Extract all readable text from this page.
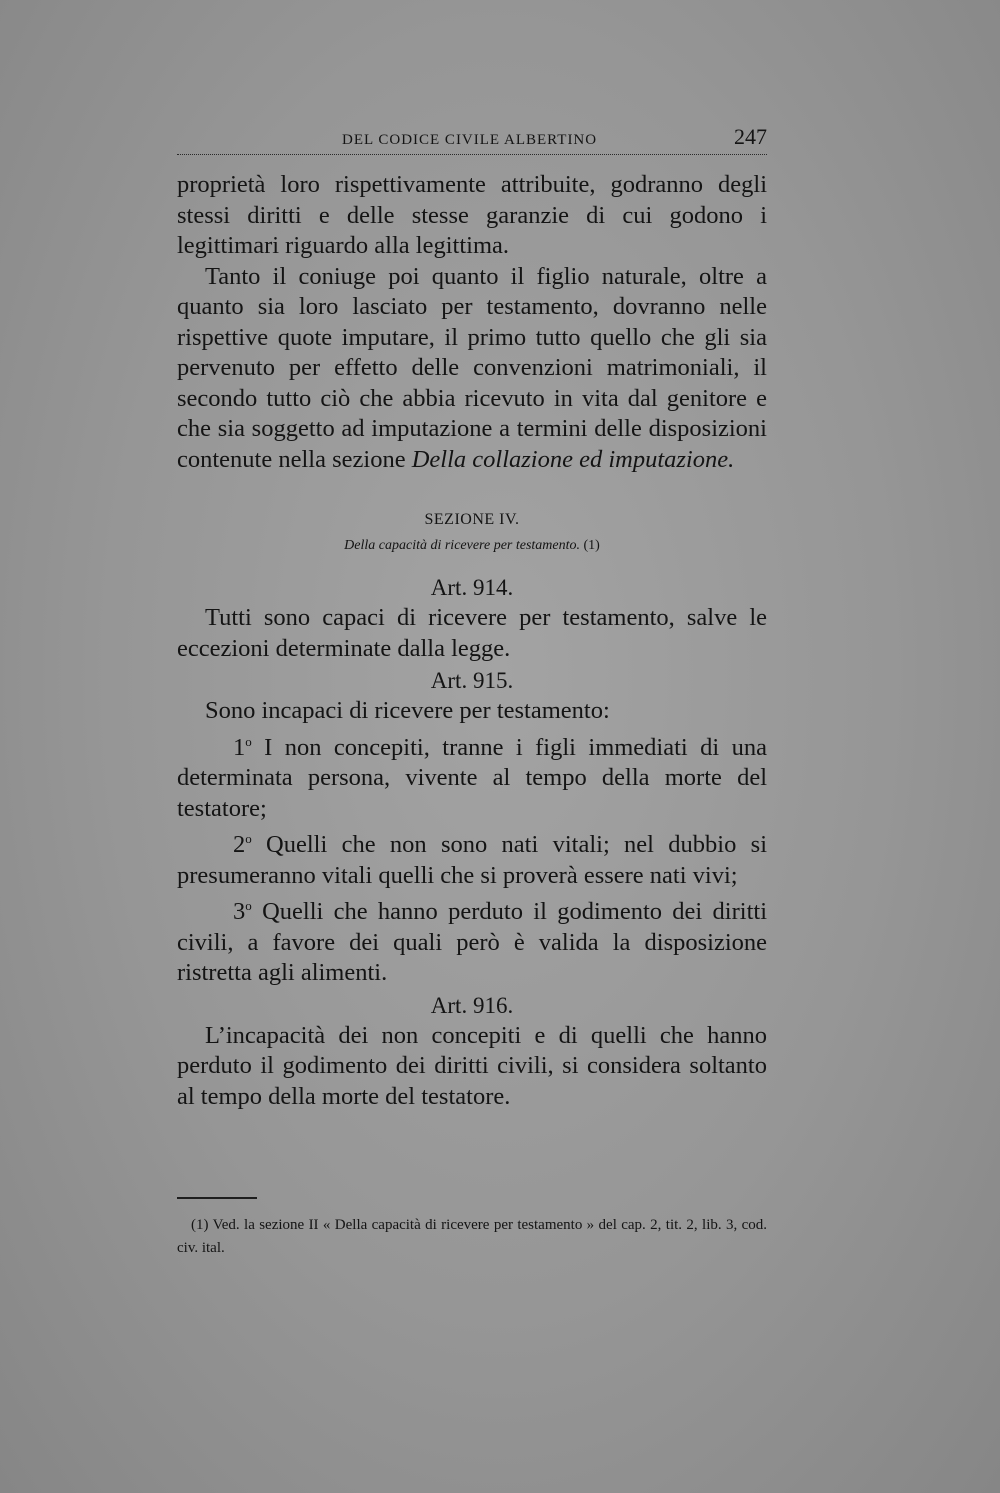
DEL CODICE CIVILE ALBERTINO	247

proprietà loro rispettivamente attribuite, godranno degli stessi diritti e delle stesse garanzie di cui godono i legittimari riguardo alla legittima.

Tanto il coniuge poi quanto il figlio naturale, oltre a quanto sia loro lasciato per testamento, dovranno nelle rispettive quote imputare, il primo tutto quello che gli sia pervenuto per effetto delle convenzioni matrimoniali, il secondo tutto ciò che abbia ricevuto in vita dal genitore e che sia soggetto ad imputazione a termini delle disposizioni contenute nella sezione Della collazione ed imputazione.

SEZIONE IV.
Della capacità di ricevere per testamento. (1)
Art. 914.

Tutti sono capaci di ricevere per testamento, salve le eccezioni determinate dalla legge.

Art. 915.

Sono incapaci di ricevere per testamento:

1$^o$ I non concepiti, tranne i figli immediati di una determinata persona, vivente al tempo della morte del testatore;

2$^o$ Quelli che non sono nati vitali; nel dubbio si presumeranno vitali quelli che si proverà essere nati vivi;

3$^o$ Quelli che hanno perduto il godimento dei diritti civili, a favore dei quali però è valida la disposizione ristretta agli alimenti.

Art. 916.

L’incapacità dei non concepiti e di quelli che hanno perduto il godimento dei diritti civili, si considera soltanto al tempo della morte del testatore.

(1) Ved. la sezione II « Della capacità di ricevere per testamento » del cap. 2, tit. 2, lib. 3, cod. civ. ital.
